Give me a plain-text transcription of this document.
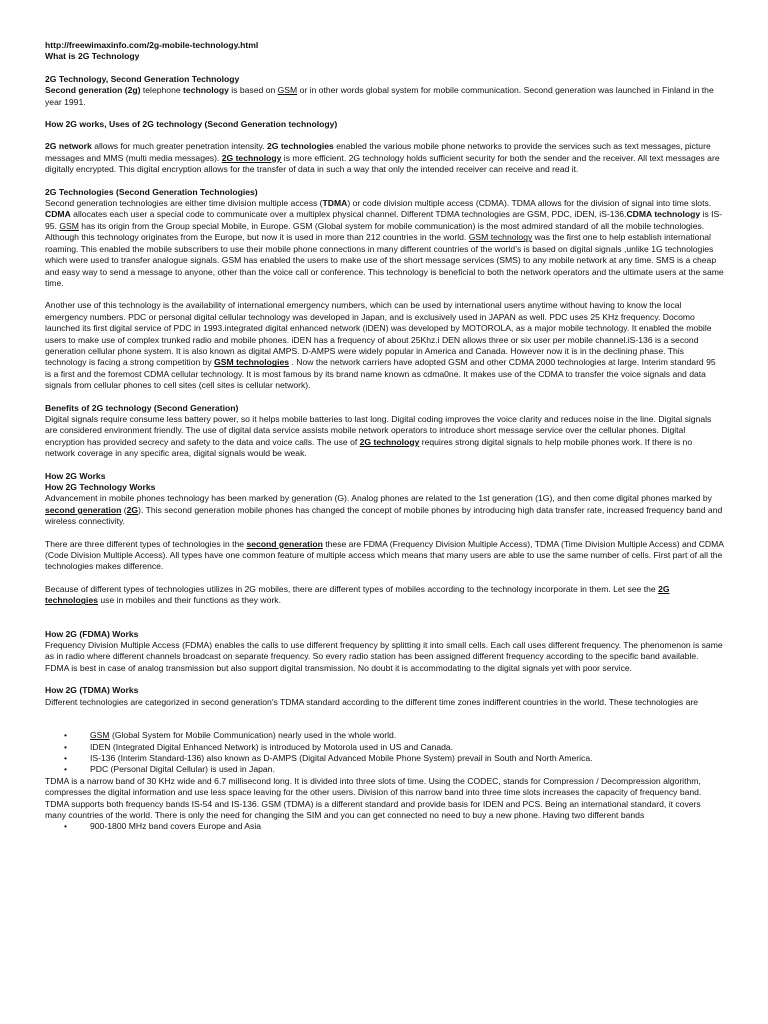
http://freewimaxinfo.com/2g-mobile-technology.html

What is 2G Technology

2G Technology, Second Generation Technology

Second generation (2g) telephone technology is based on GSM or in other words global system for mobile communication. Second generation was launched in Finland in the year 1991.

How 2G works, Uses of 2G technology (Second Generation technology)

2G network allows for much greater penetration intensity. 2G technologies enabled the various mobile phone networks to provide the services such as text messages, picture messages and MMS (multi media messages). 2G technology is more efficient. 2G technology holds sufficient security for both the sender and the receiver. All text messages are digitally encrypted. This digital encryption allows for the transfer of data in such a way that only the intended receiver can receive and read it.

2G Technologies (Second Generation Technologies)

Second generation technologies are either time division multiple access (TDMA) or code division multiple access (CDMA). TDMA allows for the division of signal into time slots. CDMA allocates each user a special code to communicate over a multiplex physical channel. Different TDMA technologies are GSM, PDC, iDEN, iS-136.CDMA technology is IS-95. GSM has its origin from the Group special Mobile, in Europe. GSM (Global system for mobile communication) is the most admired standard of all the mobile technologies. Although this technology originates from the Europe, but now it is used in more than 212 countries in the world. GSM technology was the first one to help establish international roaming. This enabled the mobile subscribers to use their mobile phone connections in many different countries of the world’s is based on digital signals ,unlike 1G technologies which were used to transfer analogue signals. GSM has enabled the users to make use of the short message services (SMS) to any mobile network at any time. SMS is a cheap and easy way to send a message to anyone, other than the voice call or conference. This technology is beneficial to both the network operators and the ultimate users at the same time.

Another use of this technology is the availability of international emergency numbers, which can be used by international users anytime without having to know the local emergency numbers. PDC or personal digital cellular technology was developed in Japan, and is exclusively used in JAPAN as well. PDC uses 25 KHz frequency. Docomo launched its first digital service of PDC in 1993.integrated digital enhanced network (iDEN) was developed by MOTOROLA, as a major mobile technology. It enabled the mobile users to make use of complex trunked radio and mobile phones. iDEN has a frequency of about 25Khz.i DEN allows three or six user per mobile channel.iS-136 is a second generation cellular phone system. It is also known as digital AMPS. D-AMPS were widely popular in America and Canada. However now it is in the declining phase. This technology is facing a strong competition by GSM technologies . Now the network carriers have adopted GSM and other CDMA 2000 technologies at large. Interim standard 95 is a first and the foremost CDMA cellular technology. It is most famous by its brand name known as cdma0ne. It makes use of the CDMA to transfer the voice signals and data signals from cellular phones to cell sites (cell sites is cellular network).

Benefits of 2G technology (Second Generation)

Digital signals require consume less battery power, so it helps mobile batteries to last long. Digital coding improves the voice clarity and reduces noise in the line. Digital signals are considered environment friendly. The use of digital data service assists mobile network operators to introduce short message service over the cellular phones. Digital encryption has provided secrecy and safety to the data and voice calls. The use of 2G technology requires strong digital signals to help mobile phones work. If there is no network coverage in any specific area, digital signals would be weak.

How 2G Works

How 2G Technology Works

Advancement in mobile phones technology has been marked by generation (G). Analog phones are related to the 1st generation (1G), and then come digital phones marked by second generation (2G). This second generation mobile phones has changed the concept of mobile phones by introducing high data transfer rate, increased frequency band and wireless connectivity.

There are three different types of technologies in the second generation these are FDMA (Frequency Division Multiple Access), TDMA (Time Division Multiple Access) and CDMA (Code Division Multiple Access). All types have one common feature of multiple access which means that many users are able to use the same number of cells. First part of all the technologies makes difference.

Because of different types of technologies utilizes in 2G mobiles, there are different types of mobiles according to the technology incorporate in them. Let see the 2G technologies use in mobiles and their functions as they work.

How 2G (FDMA) Works

Frequency Division Multiple Access (FDMA) enables the calls to use different frequency by splitting it into small cells. Each call uses different frequency. The phenomenon is same as in radio where different channels broadcast on separate frequency. So every radio station has been assigned different frequency according to the specific band available. FDMA is best in case of analog transmission but also support digital transmission. No doubt it is accommodating to the digital signals yet with poor service.

How 2G (TDMA) Works

Different technologies are categorized in second generation’s TDMA standard according to the different time zones indifferent countries in the world. These technologies are

• GSM (Global System for Mobile Communication) nearly used in the whole world.
• IDEN (Integrated Digital Enhanced Network) is introduced by Motorola used in US and Canada.
• IS-136 (Interim Standard-136) also known as D-AMPS (Digital Advanced Mobile Phone System) prevail in South and North America.
• PDC (Personal Digital Cellular) is used in Japan.

TDMA is a narrow band of 30 KHz wide and 6.7 millisecond long. It is divided into three slots of time. Using the CODEC, stands for Compression / Decompression algorithm, compresses the digital information and use less space leaving for the other users. Division of this narrow band into three time slots increases the capacity of frequency band. TDMA supports both frequency bands IS-54 and IS-136. GSM (TDMA) is a different standard and provide basis for IDEN and PCS. Being an international standard, it covers many countries of the world. There is only the need for changing the SIM and you can get connected no need to buy a new phone. Having two different bands

• 900-1800 MHz band covers Europe and Asia
